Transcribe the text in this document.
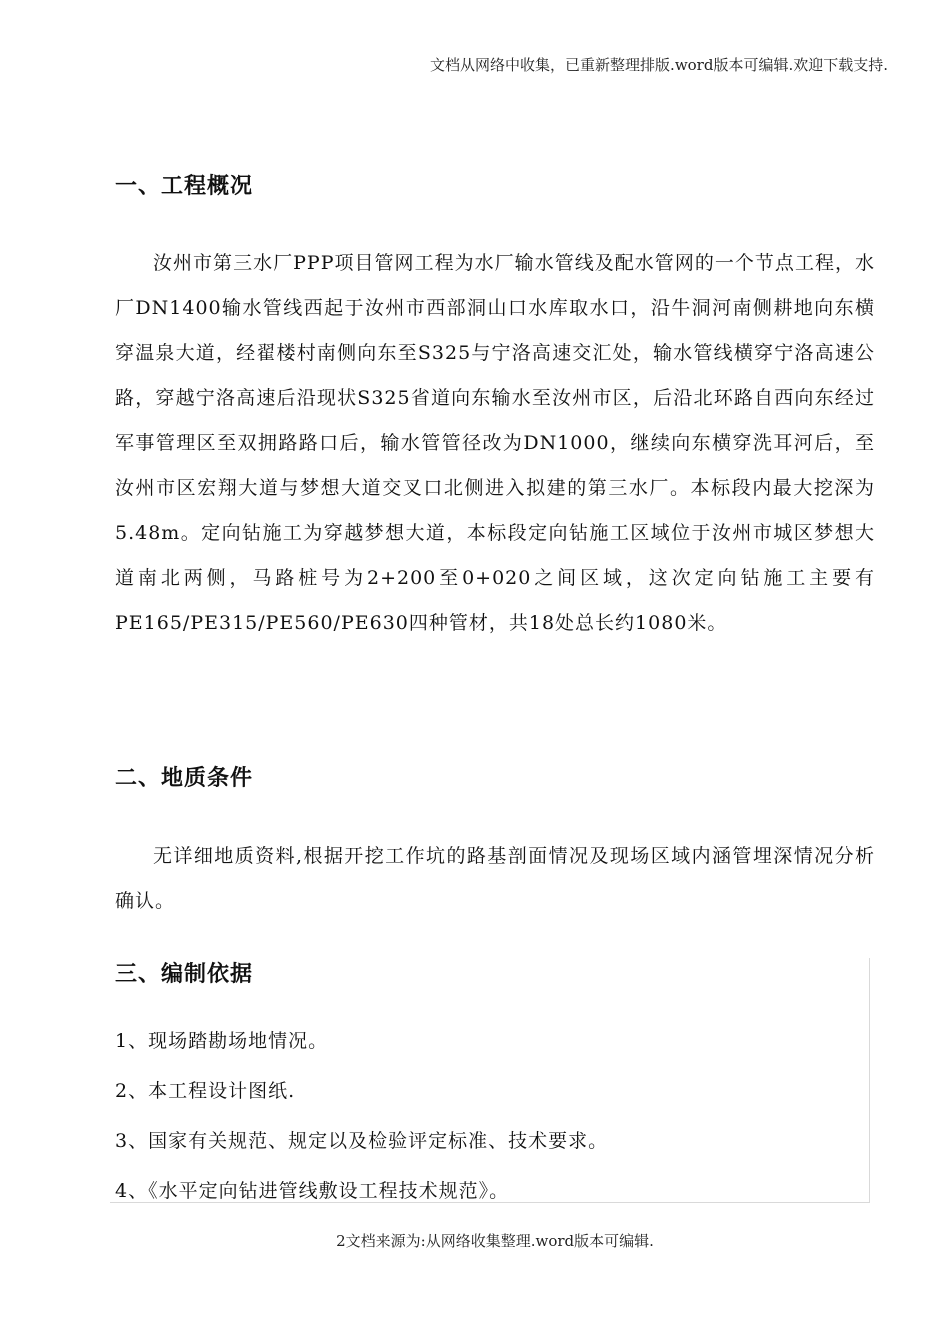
文档从网络中收集，已重新整理排版.word版本可编辑.欢迎下载支持.
一、工程概况

汝州市第三水厂PPP项目管网工程为水厂输水管线及配水管网的一个节点工程，水厂DN1400输水管线西起于汝州市西部洞山口水库取水口，沿牛洞河南侧耕地向东横穿温泉大道，经翟楼村南侧向东至S325与宁洛高速交汇处，输水管线横穿宁洛高速公路，穿越宁洛高速后沿现状S325省道向东输水至汝州市区，后沿北环路自西向东经过军事管理区至双拥路路口后，输水管管径改为DN1000，继续向东横穿洗耳河后，至汝州市区宏翔大道与梦想大道交叉口北侧进入拟建的第三水厂。本标段内最大挖深为5.48m。定向钻施工为穿越梦想大道，本标段定向钻施工区域位于汝州市城区梦想大道南北两侧，马路桩号为2+200至0+020之间区域，这次定向钻施工主要有PE165/PE315/PE560/PE630四种管材，共18处总长约1080米。

二、地质条件

无详细地质资料,根据开挖工作坑的路基剖面情况及现场区域内涵管埋深情况分析确认。

三、编制依据
1、现场踏勘场地情况。
2、本工程设计图纸.
3、国家有关规范、规定以及检验评定标准、技术要求。
4、《水平定向钻进管线敷设工程技术规范》。
2文档来源为:从网络收集整理.word版本可编辑.
